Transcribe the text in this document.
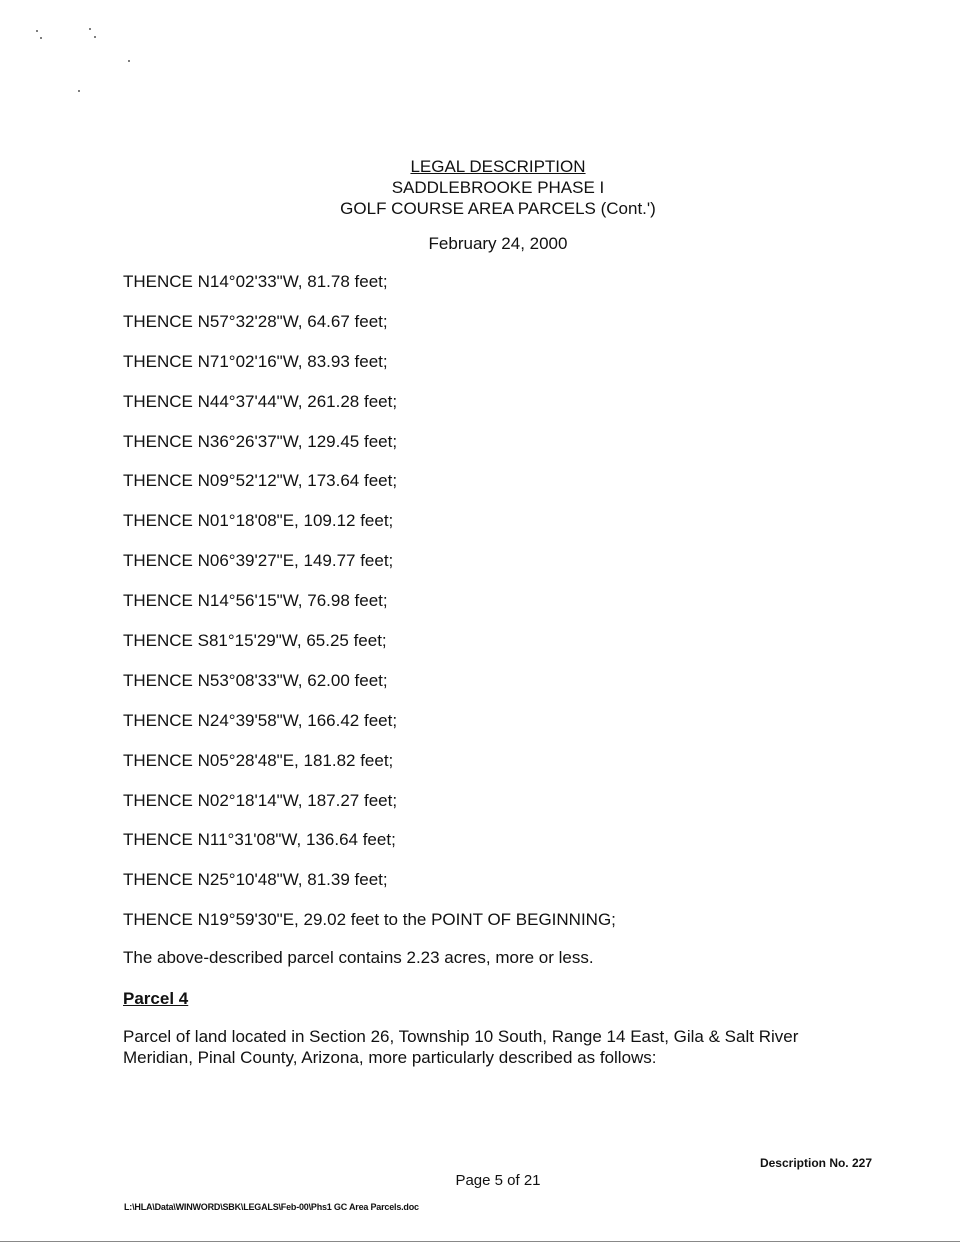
LEGAL DESCRIPTION
SADDLEBROOKE PHASE I
GOLF COURSE AREA PARCELS (Cont.')
February 24, 2000
THENCE N14°02'33"W, 81.78 feet;
THENCE N57°32'28"W, 64.67 feet;
THENCE N71°02'16"W, 83.93 feet;
THENCE N44°37'44"W, 261.28 feet;
THENCE N36°26'37"W, 129.45 feet;
THENCE N09°52'12"W, 173.64 feet;
THENCE N01°18'08"E, 109.12 feet;
THENCE N06°39'27"E, 149.77 feet;
THENCE N14°56'15"W, 76.98 feet;
THENCE S81°15'29"W, 65.25 feet;
THENCE N53°08'33"W, 62.00 feet;
THENCE N24°39'58"W, 166.42 feet;
THENCE N05°28'48"E, 181.82 feet;
THENCE N02°18'14"W, 187.27 feet;
THENCE N11°31'08"W, 136.64 feet;
THENCE N25°10'48"W, 81.39 feet;
THENCE N19°59'30"E, 29.02 feet to the POINT OF BEGINNING;
The above-described parcel contains 2.23 acres, more or less.
Parcel 4
Parcel of land located in Section 26, Township 10 South, Range 14 East, Gila & Salt River Meridian, Pinal County, Arizona, more particularly described as follows:
Description No. 227
Page 5 of 21
L:\HLA\Data\WINWORD\SBK\LEGALS\Feb-00\Phs1 GC Area Parcels.doc
